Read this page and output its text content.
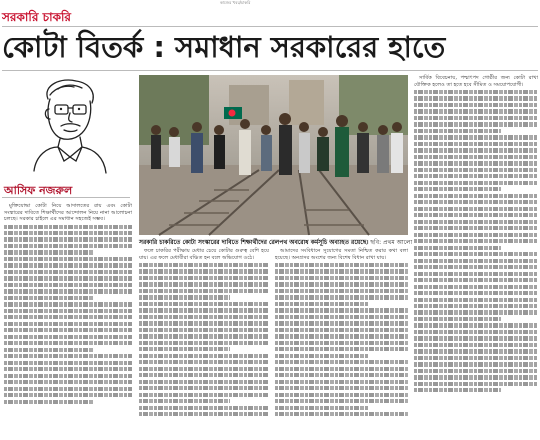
কাজের খবর/চাকরি
সরকারি চাকরি
কোটা বিতর্ক : সমাধান সরকারের হাতে
আসিফ নজরুল
সরকারি চাকরিতে কোটা সংস্কারের দাবিতে শিক্ষার্থীদের রেলপথ অবরোধ কর্মসূচি অব্যাহত রয়েছে। ছবি: প্রথম আলো

মুক্তিযোদ্ধা কোটা নিয়ে আদালতের রায় এবং কোটা সংস্কারের দাবিতে শিক্ষার্থীদের আন্দোলন নিয়ে নানা আলোচনা চলছে। সরকার চাইলে এর সমাধান সহজেই সম্ভব।

ফলে চাকরির পরীক্ষায় মেধার চেয়ে কোটার গুরুত্ব বেশি হয়ে যায়। এর ফলে মেধাবীরা বঞ্চিত হন বলে অভিযোগ ওঠে।

আমাদের সংবিধানে সুযোগের সমতা নিশ্চিত করার কথা বলা হয়েছে। অনগ্রসর অংশের জন্য বিশেষ বিধান রাখা যায়।

সার্বিক বিবেচনায়, পশ্চাৎপদ গোষ্ঠীর জন্য কোটা রাখা যৌক্তিক হলেও তা হতে হবে সীমিত ও সময়োপযোগী।
